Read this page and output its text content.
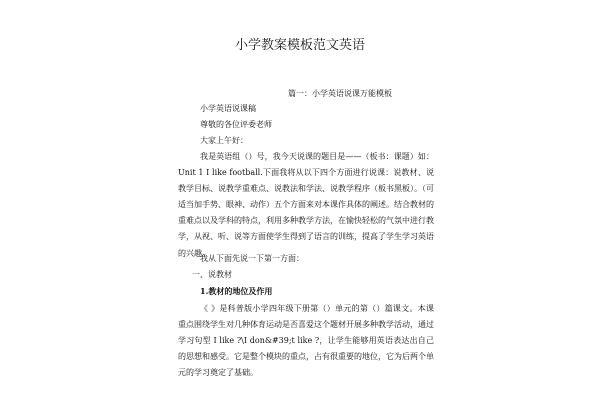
小学教案模板范文英语
篇一：小学英语说课万能模板
小学英语说课稿
尊敬的各位评委老师
大家上午好：

我是英语组（）号，我今天说课的题目是——（板书：课题）如：Unit 1 I like football.下面我将从以下四个方面进行说课：说教材、说教学目标、说教学重难点、说教法和学法、说教学程序（板书黑板）。（可适当加手势、眼神、动作）五个方面来对本课作具体的阐述。结合教材的重难点以及学科的特点，利用多种教学方法，在愉快轻松的气氛中进行教学，从视、听、说等方面使学生得到了语言的训练，提高了学生学习英语的兴趣。

我从下面先说一下第一方面：
一、说教材
1.教材的地位及作用

《 》是科普版小学四年级下册第（）单元的第（）篇课文。本课重点围绕学生对几种体育运动是否喜爱这个题材开展多种教学活动，通过学习句型 I like ?\I don&#39;t like ?，让学生能够用英语表达出自己的思想和感受。它是整个模块的重点，占有很重要的地位，它为后两个单元的学习奠定了基础。
